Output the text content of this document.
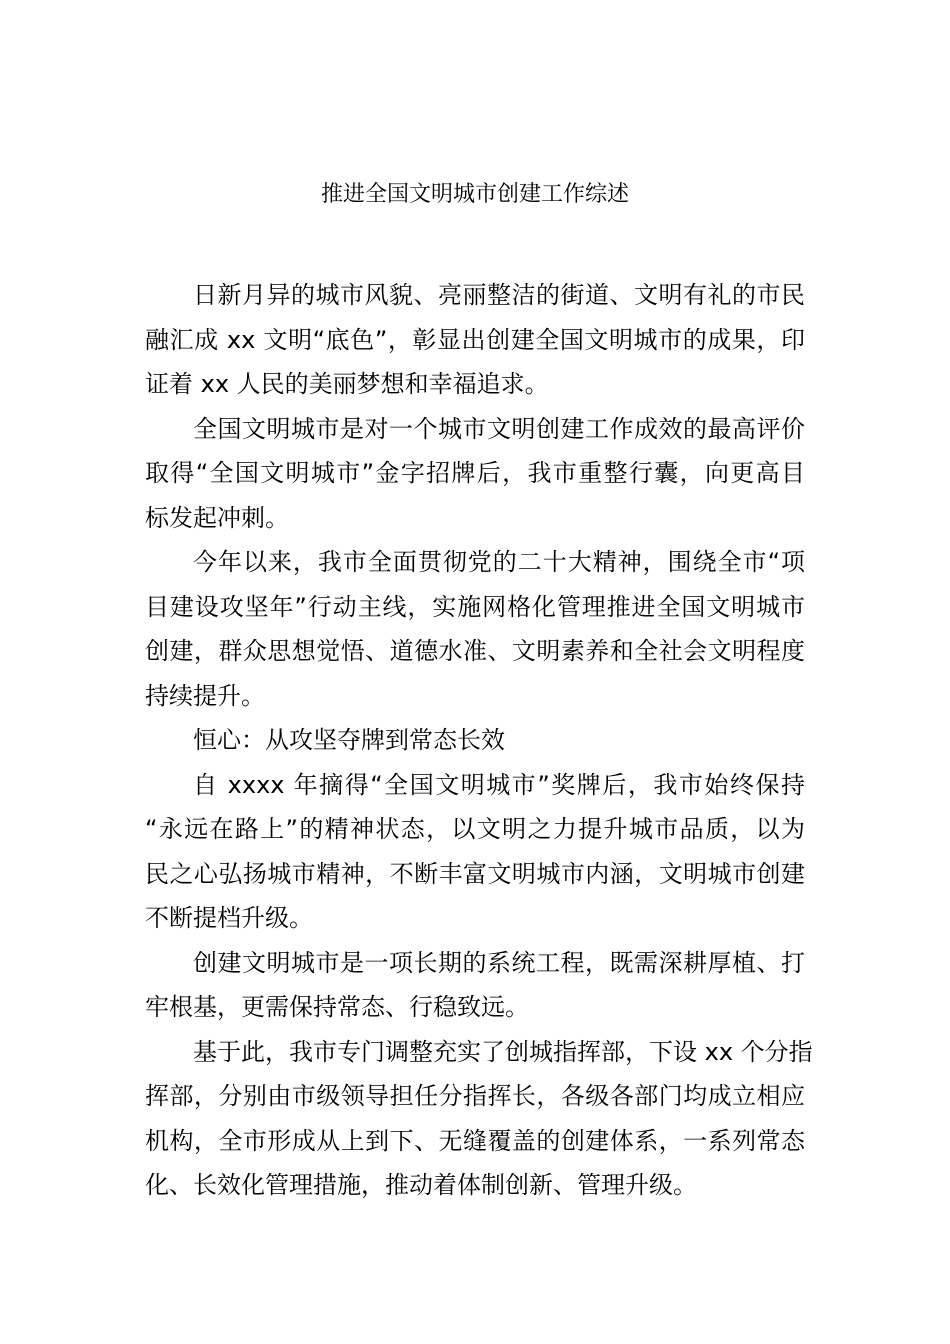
推进全国文明城市创建工作综述
日新月异的城市风貌、亮丽整洁的街道、文明有礼的市民
融汇成 xx 文明“底色”，彰显出创建全国文明城市的成果，印
证着 xx 人民的美丽梦想和幸福追求。
全国文明城市是对一个城市文明创建工作成效的最高评价
取得“全国文明城市”金字招牌后，我市重整行囊，向更高目
标发起冲刺。
今年以来，我市全面贯彻党的二十大精神，围绕全市“项
目建设攻坚年”行动主线，实施网格化管理推进全国文明城市
创建，群众思想觉悟、道德水准、文明素养和全社会文明程度
持续提升。
恒心：从攻坚夺牌到常态长效
自 xxxx 年摘得“全国文明城市”奖牌后，我市始终保持
“永远在路上”的精神状态，以文明之力提升城市品质，以为
民之心弘扬城市精神，不断丰富文明城市内涵，文明城市创建
不断提档升级。
创建文明城市是一项长期的系统工程，既需深耕厚植、打
牢根基，更需保持常态、行稳致远。
基于此，我市专门调整充实了创城指挥部，下设 xx 个分指
挥部，分别由市级领导担任分指挥长，各级各部门均成立相应
机构，全市形成从上到下、无缝覆盖的创建体系，一系列常态
化、长效化管理措施，推动着体制创新、管理升级。
